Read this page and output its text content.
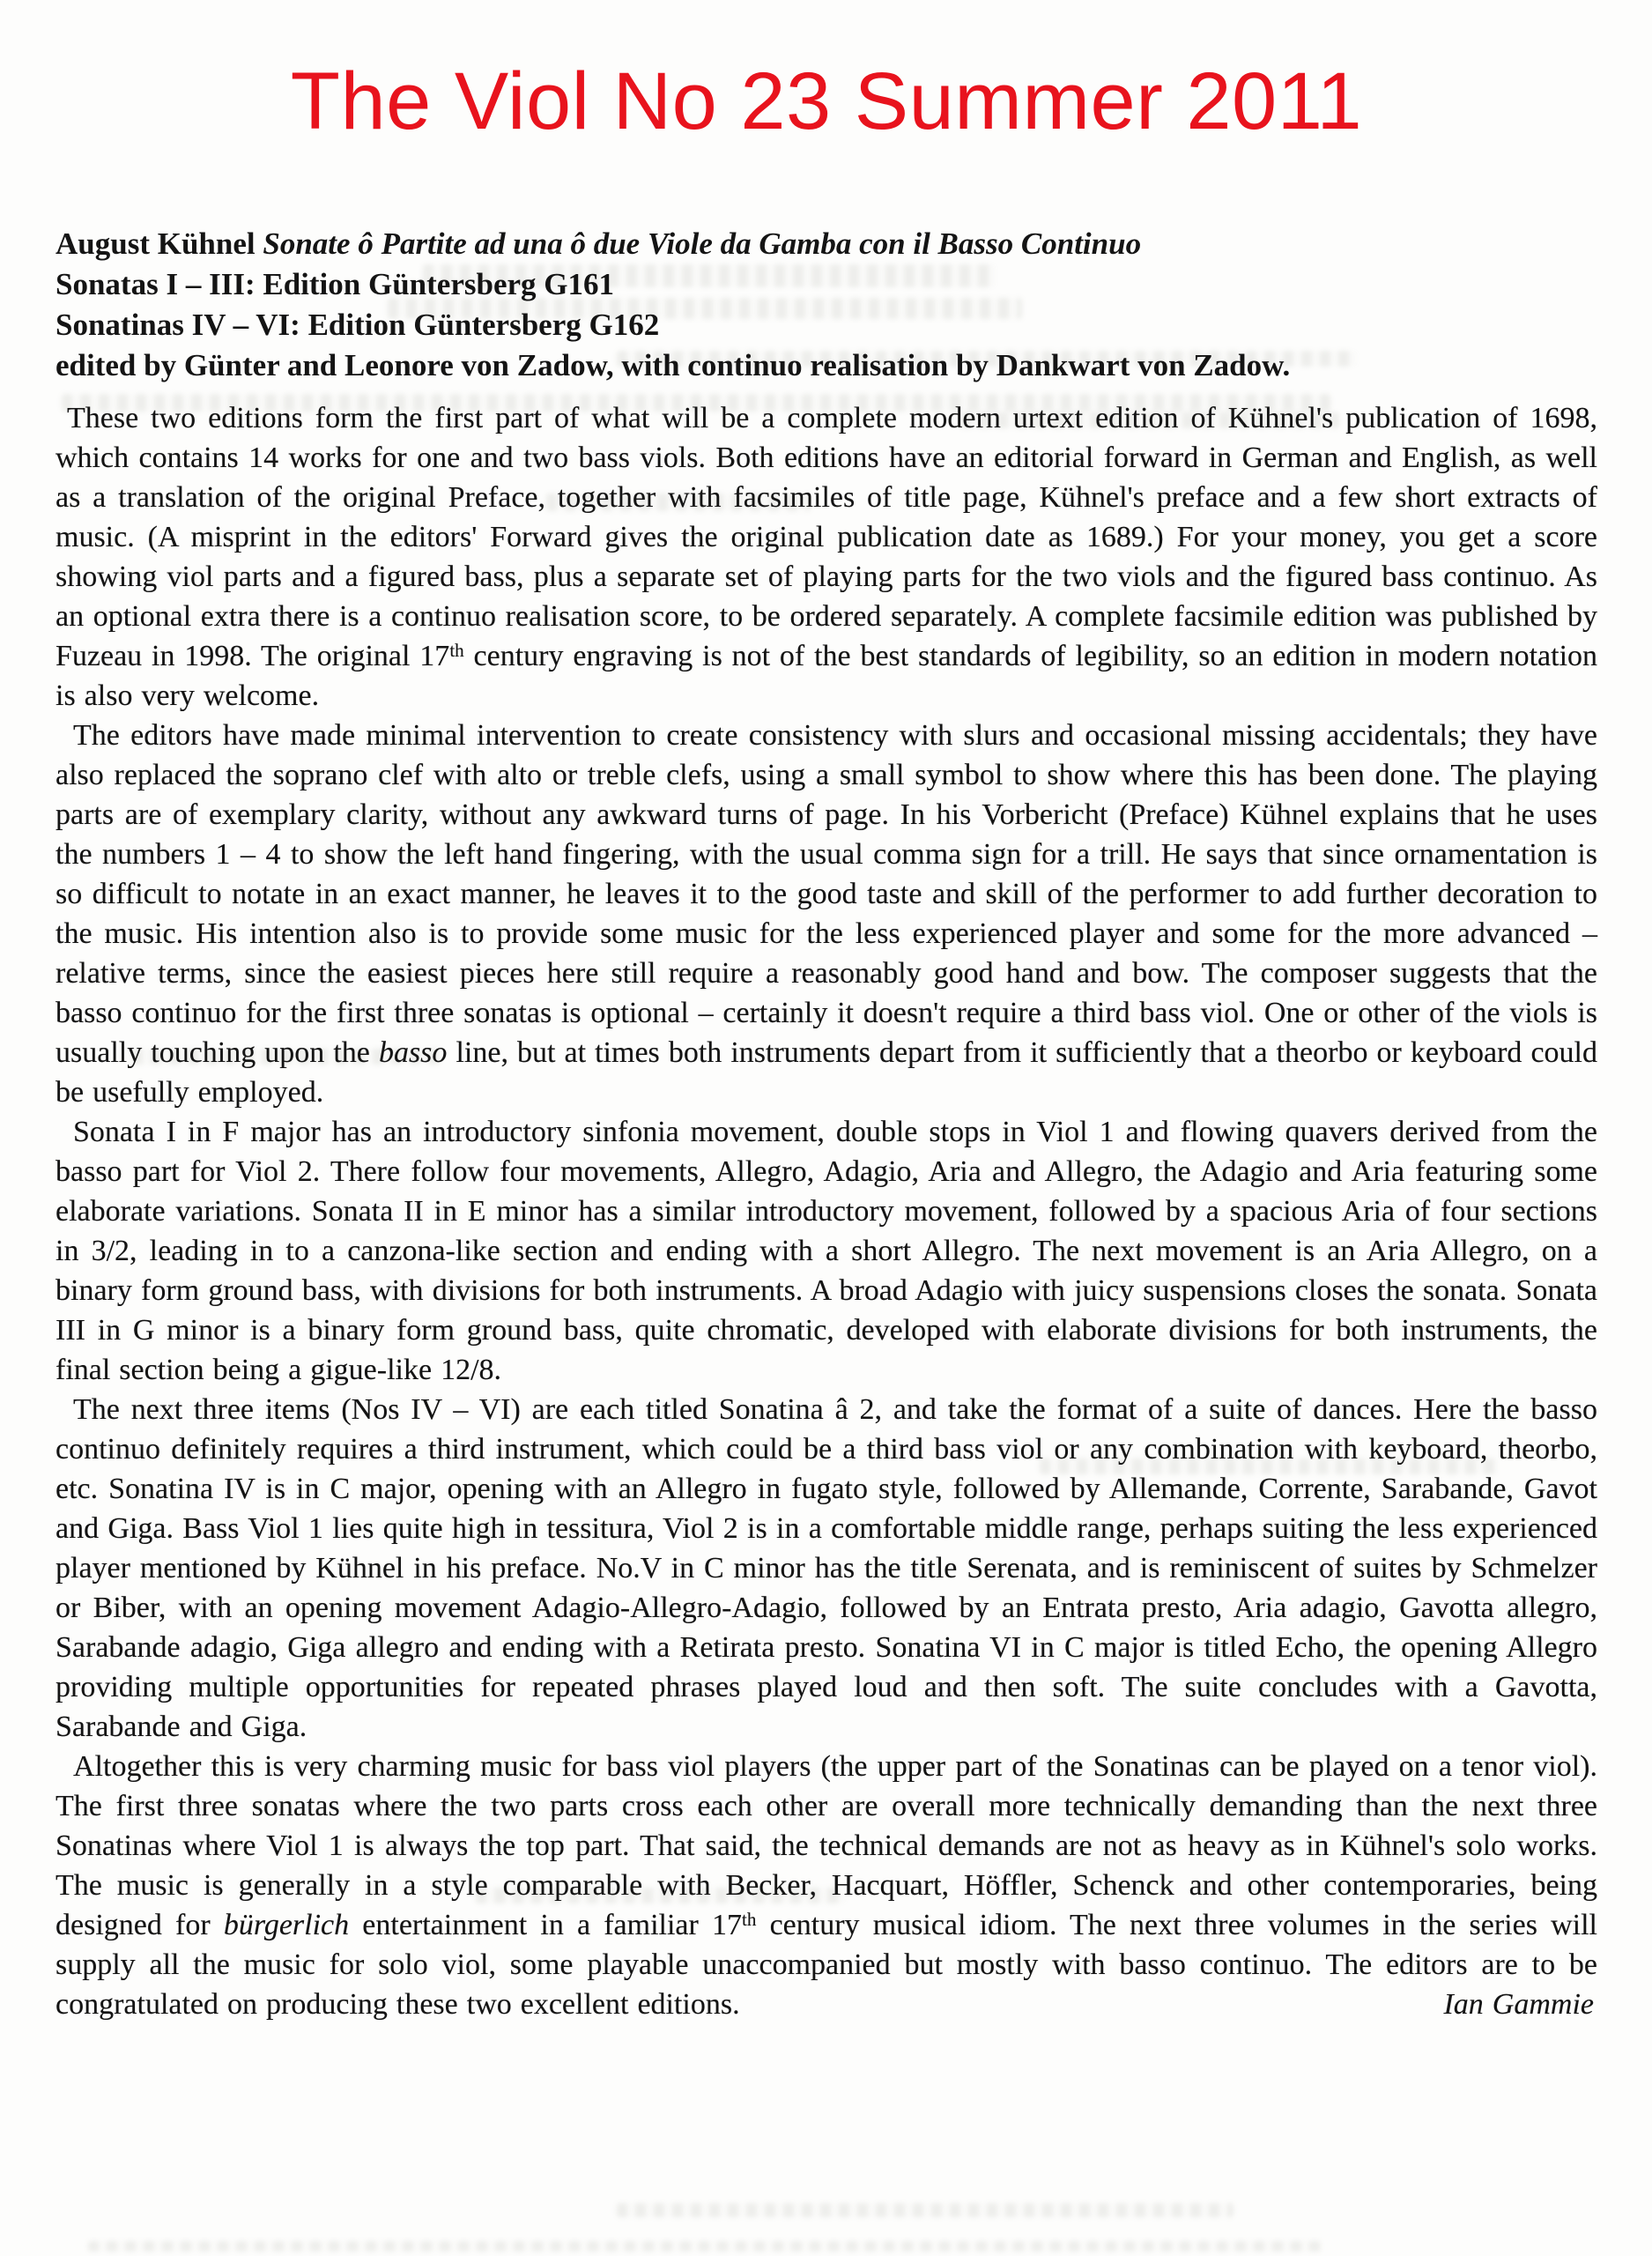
The Viol No 23 Summer 2011

August Kühnel Sonate ô Partite ad una ô due Viole da Gamba con il Basso Continuo

Sonatas I – III: Edition Güntersberg G161

Sonatinas IV – VI: Edition Güntersberg G162

edited by Günter and Leonore von Zadow, with continuo realisation by Dankwart von Zadow.

These two editions form the first part of what will be a complete modern urtext edition of Kühnel's publication of 1698, which contains 14 works for one and two bass viols. Both editions have an editorial forward in German and English, as well as a translation of the original Preface, together with facsimiles of title page, Kühnel's preface and a few short extracts of music. (A misprint in the editors' Forward gives the original publication date as 1689.) For your money, you get a score showing viol parts and a figured bass, plus a separate set of playing parts for the two viols and the figured bass continuo. As an optional extra there is a continuo realisation score, to be ordered separately. A complete facsimile edition was published by Fuzeau in 1998. The original 17th century engraving is not of the best standards of legibility, so an edition in modern notation is also very welcome.

The editors have made minimal intervention to create consistency with slurs and occasional missing accidentals; they have also replaced the soprano clef with alto or treble clefs, using a small symbol to show where this has been done. The playing parts are of exemplary clarity, without any awkward turns of page. In his Vorbericht (Preface) Kühnel explains that he uses the numbers 1 – 4 to show the left hand fingering, with the usual comma sign for a trill. He says that since ornamentation is so difficult to notate in an exact manner, he leaves it to the good taste and skill of the performer to add further decoration to the music. His intention also is to provide some music for the less experienced player and some for the more advanced – relative terms, since the easiest pieces here still require a reasonably good hand and bow. The composer suggests that the basso continuo for the first three sonatas is optional – certainly it doesn't require a third bass viol. One or other of the viols is usually touching upon the basso line, but at times both instruments depart from it sufficiently that a theorbo or keyboard could be usefully employed.

Sonata I in F major has an introductory sinfonia movement, double stops in Viol 1 and flowing quavers derived from the basso part for Viol 2. There follow four movements, Allegro, Adagio, Aria and Allegro, the Adagio and Aria featuring some elaborate variations. Sonata II in E minor has a similar introductory movement, followed by a spacious Aria of four sections in 3/2, leading in to a canzona-like section and ending with a short Allegro. The next movement is an Aria Allegro, on a binary form ground bass, with divisions for both instruments. A broad Adagio with juicy suspensions closes the sonata. Sonata III in G minor is a binary form ground bass, quite chromatic, developed with elaborate divisions for both instruments, the final section being a gigue-like 12/8.

The next three items (Nos IV – VI) are each titled Sonatina â 2, and take the format of a suite of dances. Here the basso continuo definitely requires a third instrument, which could be a third bass viol or any combination with keyboard, theorbo, etc. Sonatina IV is in C major, opening with an Allegro in fugato style, followed by Allemande, Corrente, Sarabande, Gavot and Giga. Bass Viol 1 lies quite high in tessitura, Viol 2 is in a comfortable middle range, perhaps suiting the less experienced player mentioned by Kühnel in his preface. No.V in C minor has the title Serenata, and is reminiscent of suites by Schmelzer or Biber, with an opening movement Adagio-Allegro-Adagio, followed by an Entrata presto, Aria adagio, Gavotta allegro, Sarabande adagio, Giga allegro and ending with a Retirata presto. Sonatina VI in C major is titled Echo, the opening Allegro providing multiple opportunities for repeated phrases played loud and then soft. The suite concludes with a Gavotta, Sarabande and Giga.

Altogether this is very charming music for bass viol players (the upper part of the Sonatinas can be played on a tenor viol). The first three sonatas where the two parts cross each other are overall more technically demanding than the next three Sonatinas where Viol 1 is always the top part. That said, the technical demands are not as heavy as in Kühnel's solo works. The music is generally in a style comparable with Becker, Hacquart, Höffler, Schenck and other contemporaries, being designed for bürgerlich entertainment in a familiar 17th century musical idiom. The next three volumes in the series will supply all the music for solo viol, some playable unaccompanied but mostly with basso continuo. The editors are to be congratulated on producing these two excellent editions.	Ian Gammie
